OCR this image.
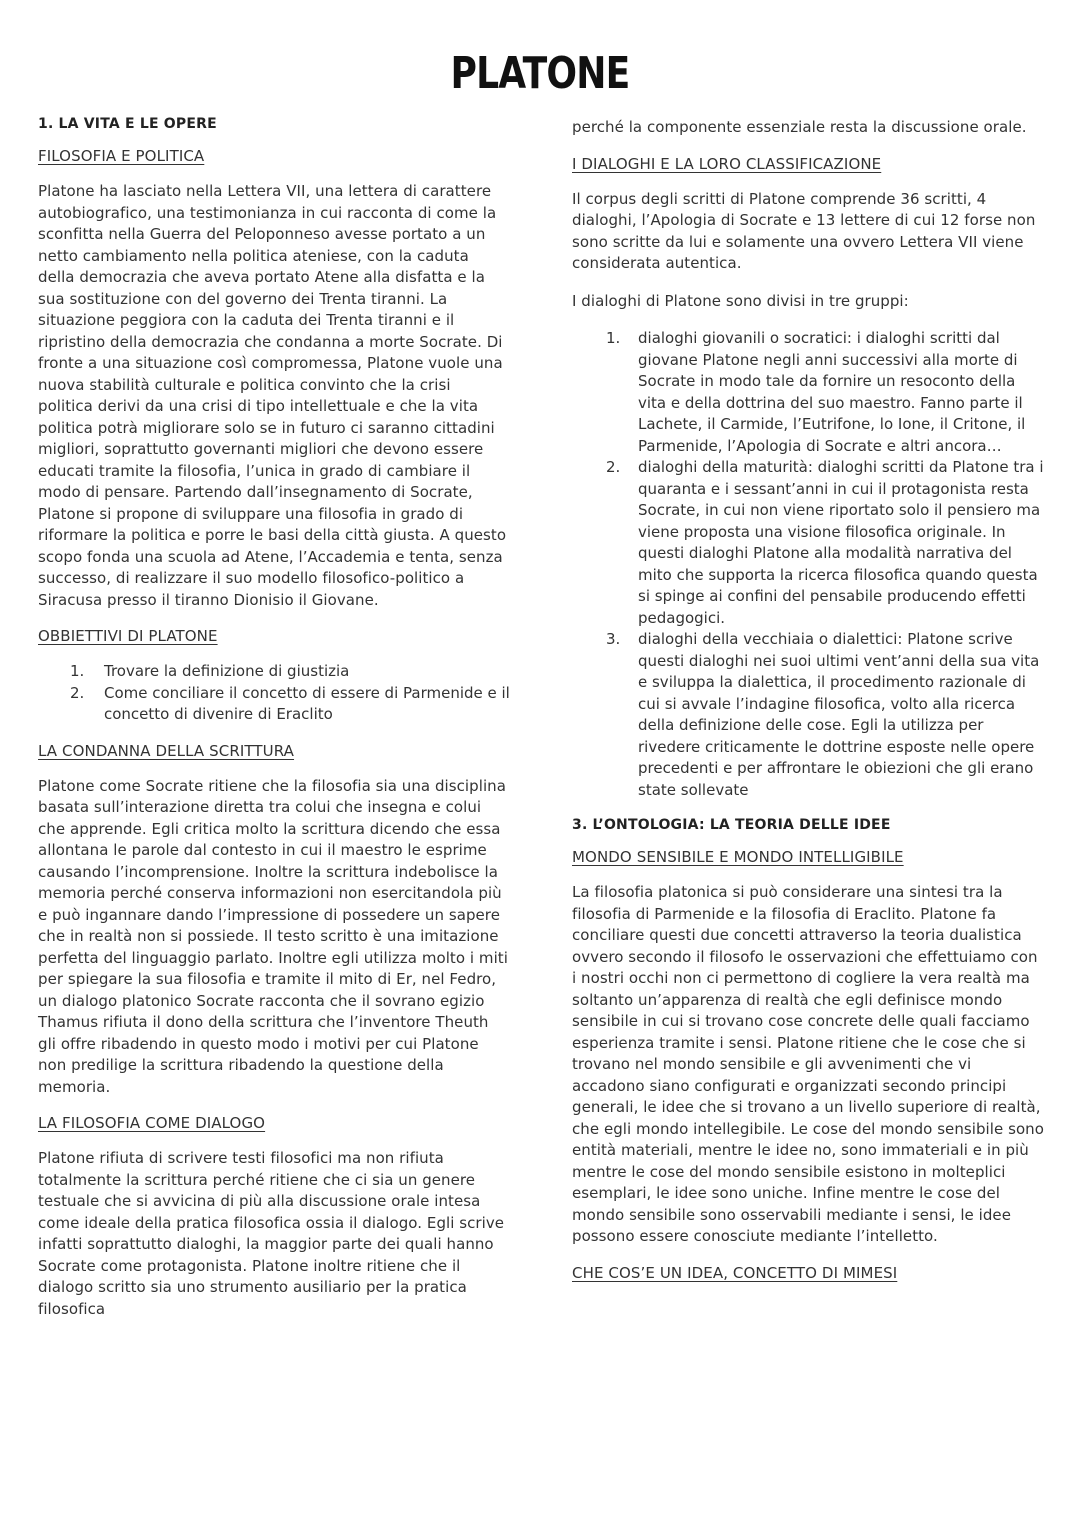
PLATONE
1. LA VITA E LE OPERE
FILOSOFIA E POLITICA

Platone ha lasciato nella Lettera VII, una lettera di carattere autobiografico, una testimonianza in cui racconta di come la sconfitta nella Guerra del Peloponneso avesse portato a un netto cambiamento nella politica ateniese, con la caduta della democrazia che aveva portato Atene alla disfatta e la sua sostituzione con del governo dei Trenta tiranni. La situazione peggiora con la caduta dei Trenta tiranni e il ripristino della democrazia che condanna a morte Socrate. Di fronte a una situazione così compromessa, Platone vuole una nuova stabilità culturale e politica convinto che la crisi politica derivi da una crisi di tipo intellettuale e che la vita politica potrà migliorare solo se in futuro ci saranno cittadini migliori, soprattutto governanti migliori che devono essere educati tramite la filosofia, l’unica in grado di cambiare il modo di pensare. Partendo dall’insegnamento di Socrate, Platone si propone di sviluppare una filosofia in grado di riformare la politica e porre le basi della città giusta. A questo scopo fonda una scuola ad Atene, l’Accademia e tenta, senza successo, di realizzare il suo modello filosofico-politico a Siracusa presso il tiranno Dionisio il Giovane.

OBBIETTIVI DI PLATONE
1. Trovare la definizione di giustizia
2. Come conciliare il concetto di essere di Parmenide e il concetto di divenire di Eraclito
LA CONDANNA DELLA SCRITTURA

Platone come Socrate ritiene che la filosofia sia una disciplina basata sull’interazione diretta tra colui che insegna e colui che apprende. Egli critica molto la scrittura dicendo che essa allontana le parole dal contesto in cui il maestro le esprime causando l’incomprensione. Inoltre la scrittura indebolisce la memoria perché conserva informazioni non esercitandola più e può ingannare dando l’impressione di possedere un sapere che in realtà non si possiede. Il testo scritto è una imitazione perfetta del linguaggio parlato. Inoltre egli utilizza molto i miti per spiegare la sua filosofia e tramite il mito di Er, nel Fedro, un dialogo platonico Socrate racconta che il sovrano egizio Thamus rifiuta il dono della scrittura che l’inventore Theuth gli offre ribadendo in questo modo i motivi per cui Platone non predilige la scrittura ribadendo la questione della memoria.

LA FILOSOFIA COME DIALOGO

Platone rifiuta di scrivere testi filosofici ma non rifiuta totalmente la scrittura perché ritiene che ci sia un genere testuale che si avvicina di più alla discussione orale intesa come ideale della pratica filosofica ossia il dialogo. Egli scrive infatti soprattutto dialoghi, la maggior parte dei quali hanno Socrate come protagonista. Platone inoltre ritiene che il dialogo scritto sia uno strumento ausiliario per la pratica filosofica

perché la componente essenziale resta la discussione orale.

I DIALOGHI E LA LORO CLASSIFICAZIONE

Il corpus degli scritti di Platone comprende 36 scritti, 4 dialoghi, l’Apologia di Socrate e 13 lettere di cui 12 forse non sono scritte da lui e solamente una ovvero Lettera VII viene considerata autentica.

I dialoghi di Platone sono divisi in tre gruppi:

1. dialoghi giovanili o socratici: i dialoghi scritti dal giovane Platone negli anni successivi alla morte di Socrate in modo tale da fornire un resoconto della vita e della dottrina del suo maestro. Fanno parte il Lachete, il Carmide, l’Eutrifone, lo Ione, il Critone, il Parmenide, l’Apologia di Socrate e altri ancora…
2. dialoghi della maturità: dialoghi scritti da Platone tra i quaranta e i sessant’anni in cui il protagonista resta Socrate, in cui non viene riportato solo il pensiero ma viene proposta una visione filosofica originale. In questi dialoghi Platone alla modalità narrativa del mito che supporta la ricerca filosofica quando questa si spinge ai confini del pensabile producendo effetti pedagogici.
3. dialoghi della vecchiaia o dialettici: Platone scrive questi dialoghi nei suoi ultimi vent’anni della sua vita e sviluppa la dialettica, il procedimento razionale di cui si avvale l’indagine filosofica, volto alla ricerca della definizione delle cose. Egli la utilizza per rivedere criticamente le dottrine esposte nelle opere precedenti e per affrontare le obiezioni che gli erano state sollevate
3. L’ONTOLOGIA: LA TEORIA DELLE IDEE
MONDO SENSIBILE E MONDO INTELLIGIBILE

La filosofia platonica si può considerare una sintesi tra la filosofia di Parmenide e la filosofia di Eraclito. Platone fa conciliare questi due concetti attraverso la teoria dualistica ovvero secondo il filosofo le osservazioni che effettuiamo con i nostri occhi non ci permettono di cogliere la vera realtà ma soltanto un’apparenza di realtà che egli definisce mondo sensibile in cui si trovano cose concrete delle quali facciamo esperienza tramite i sensi. Platone ritiene che le cose che si trovano nel mondo sensibile e gli avvenimenti che vi accadono siano configurati e organizzati secondo principi generali, le idee che si trovano a un livello superiore di realtà, che egli mondo intellegibile. Le cose del mondo sensibile sono entità materiali, mentre le idee no, sono immateriali e in più mentre le cose del mondo sensibile esistono in molteplici esemplari, le idee sono uniche. Infine mentre le cose del mondo sensibile sono osservabili mediante i sensi, le idee possono essere conosciute mediante l’intelletto.

CHE COS’E UN IDEA, CONCETTO DI MIMESI
